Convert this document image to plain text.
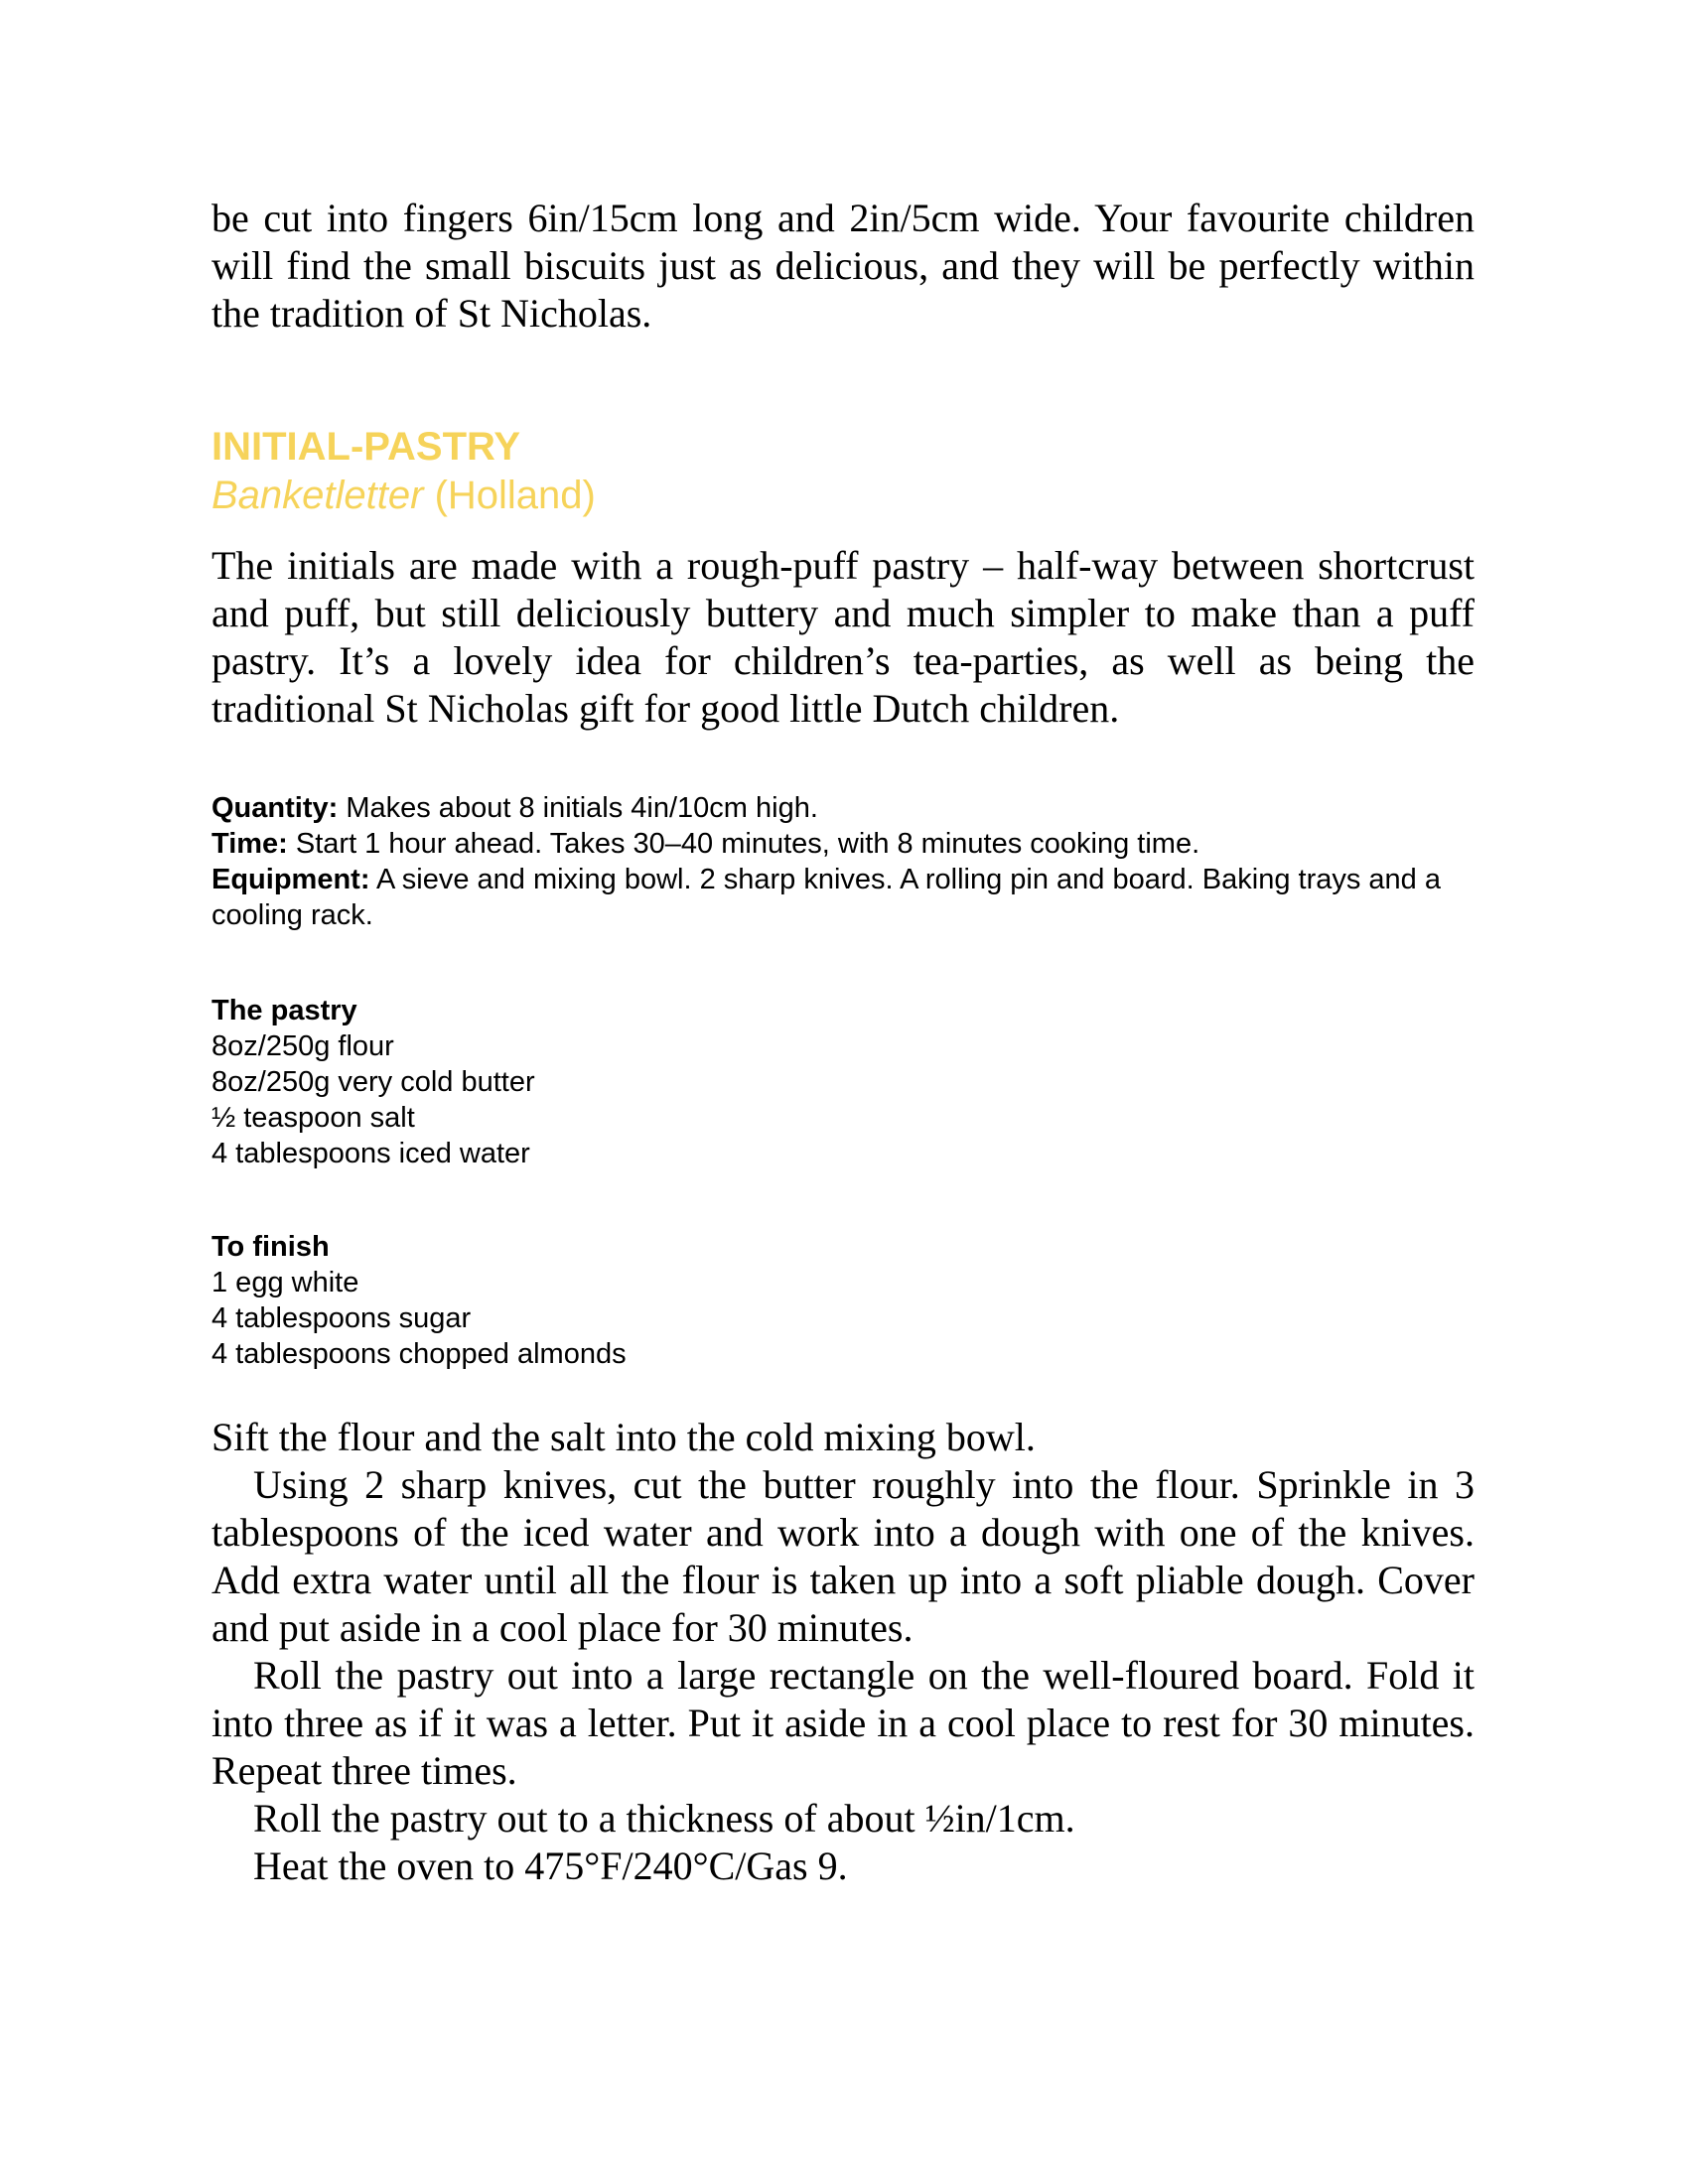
be cut into fingers 6in/15cm long and 2in/5cm wide. Your favourite children will find the small biscuits just as delicious, and they will be perfectly within the tradition of St Nicholas.

INITIAL-PASTRY

Banketletter (Holland)

The initials are made with a rough-puff pastry – half-way between shortcrust and puff, but still deliciously buttery and much simpler to make than a puff pastry. It’s a lovely idea for children’s tea-parties, as well as being the traditional St Nicholas gift for good little Dutch children.

Quantity: Makes about 8 initials 4in/10cm high.

Time: Start 1 hour ahead. Takes 30–40 minutes, with 8 minutes cooking time.

Equipment: A sieve and mixing bowl. 2 sharp knives. A rolling pin and board. Baking trays and a cooling rack.

The pastry
8oz/250g flour
8oz/250g very cold butter
½ teaspoon salt
4 tablespoons iced water
To finish
1 egg white
4 tablespoons sugar
4 tablespoons chopped almonds

Sift the flour and the salt into the cold mixing bowl.

Using 2 sharp knives, cut the butter roughly into the flour. Sprinkle in 3 tablespoons of the iced water and work into a dough with one of the knives. Add extra water until all the flour is taken up into a soft pliable dough. Cover and put aside in a cool place for 30 minutes.

Roll the pastry out into a large rectangle on the well-floured board. Fold it into three as if it was a letter. Put it aside in a cool place to rest for 30 minutes. Repeat three times.

Roll the pastry out to a thickness of about ½in/1cm.

Heat the oven to 475°F/240°C/Gas 9.
